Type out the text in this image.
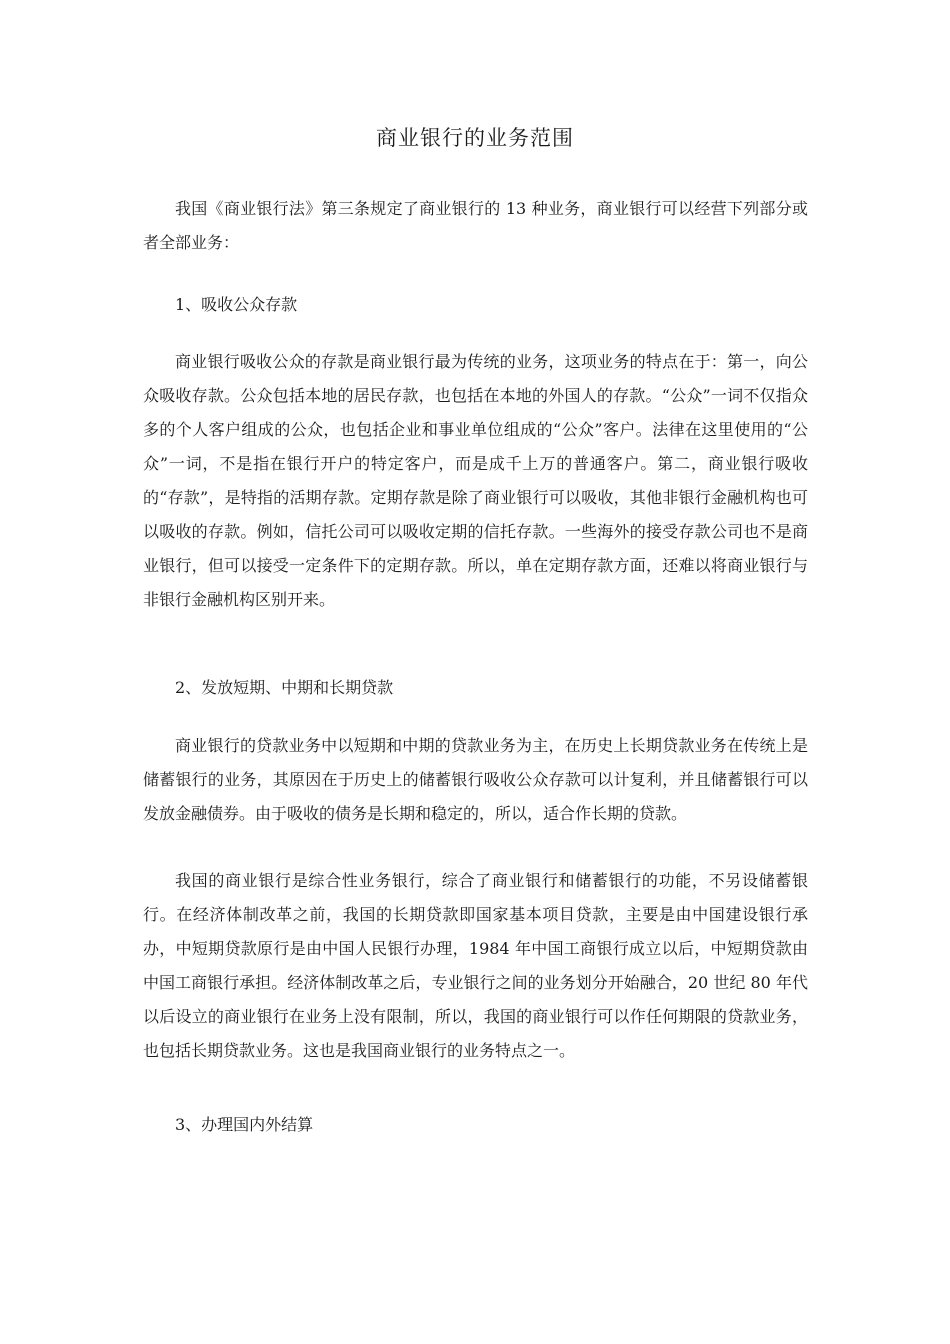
商业银行的业务范围

我国《商业银行法》第三条规定了商业银行的 13 种业务，商业银行可以经营下列部分或者全部业务：

1、吸收公众存款

商业银行吸收公众的存款是商业银行最为传统的业务，这项业务的特点在于：第一，向公众吸收存款。公众包括本地的居民存款，也包括在本地的外国人的存款。“公众”一词不仅指众多的个人客户组成的公众，也包括企业和事业单位组成的“公众”客户。法律在这里使用的“公众”一词，不是指在银行开户的特定客户，而是成千上万的普通客户。第二，商业银行吸收的“存款”，是特指的活期存款。定期存款是除了商业银行可以吸收，其他非银行金融机构也可以吸收的存款。例如，信托公司可以吸收定期的信托存款。一些海外的接受存款公司也不是商业银行，但可以接受一定条件下的定期存款。所以，单在定期存款方面，还难以将商业银行与非银行金融机构区别开来。

2、发放短期、中期和长期贷款

商业银行的贷款业务中以短期和中期的贷款业务为主，在历史上长期贷款业务在传统上是储蓄银行的业务，其原因在于历史上的储蓄银行吸收公众存款可以计复利，并且储蓄银行可以发放金融债券。由于吸收的债务是长期和稳定的，所以，适合作长期的贷款。

我国的商业银行是综合性业务银行，综合了商业银行和储蓄银行的功能，不另设储蓄银行。在经济体制改革之前，我国的长期贷款即国家基本项目贷款，主要是由中国建设银行承办，中短期贷款原行是由中国人民银行办理，1984 年中国工商银行成立以后，中短期贷款由中国工商银行承担。经济体制改革之后，专业银行之间的业务划分开始融合，20 世纪 80 年代以后设立的商业银行在业务上没有限制，所以，我国的商业银行可以作任何期限的贷款业务，也包括长期贷款业务。这也是我国商业银行的业务特点之一。

3、办理国内外结算
